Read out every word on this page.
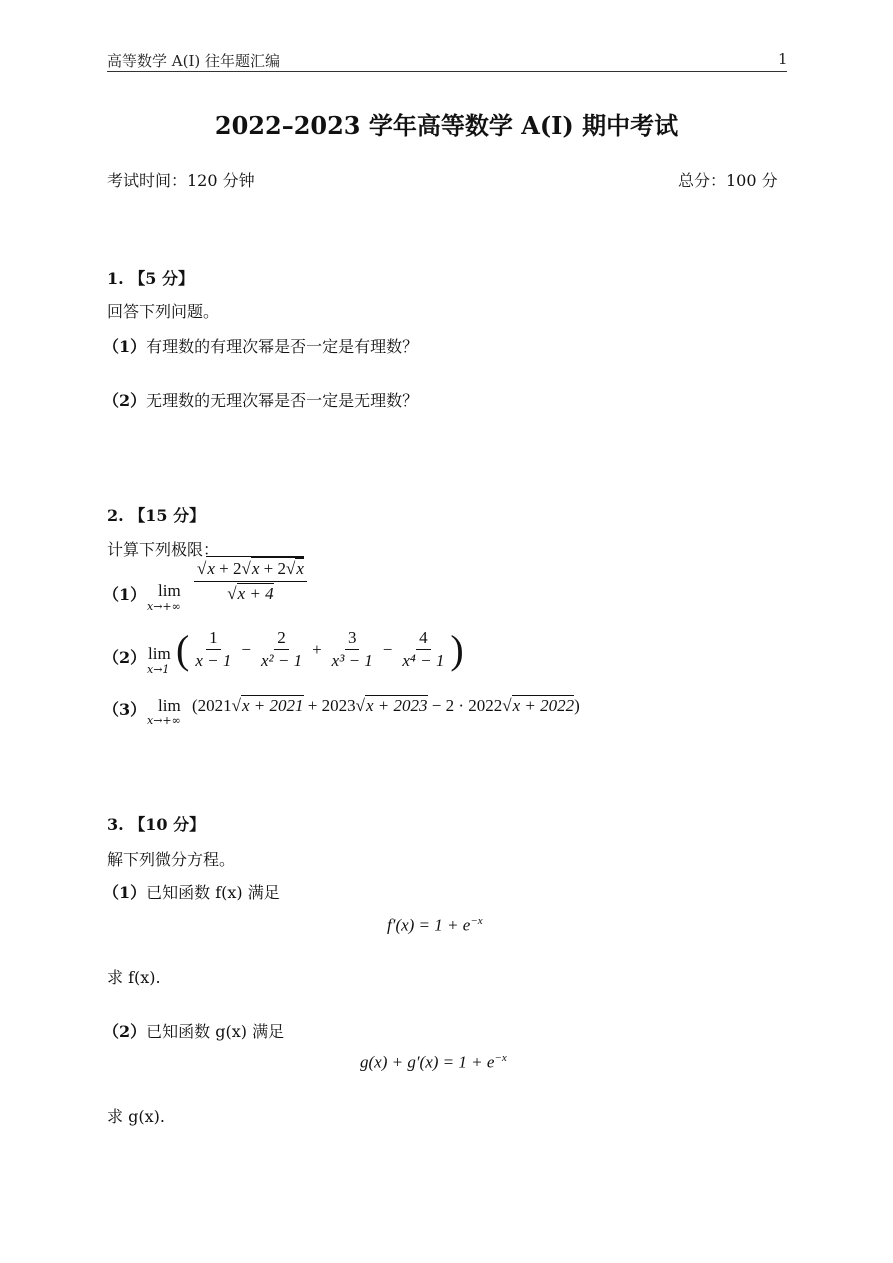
高等数学 A(I) 往年题汇编	1
2022–2023 学年高等数学 A(I) 期中考试
考试时间：120 分钟	总分：100 分
1. 【5 分】
回答下列问题。
（1）有理数的有理次幂是否一定是有理数？
（2）无理数的无理次幂是否一定是无理数？
2. 【15 分】
计算下列极限：
（1） lim
x→+∞
$\frac{√x + 2√x + 2√x}{√x + 4}$
（2） lim
x→1 ( $\frac{1}{x - 1} - \frac{2}{\text{x² − 1}} + \frac{3}{\text{x³ − 1}} - \frac{4}{\text{x⁴ − 1}}$ )
（3） lim
x→+∞
(2021√x + 2021 + 2023√x + 2023 − 2 · 2022√x + 2022)
3. 【10 分】
解下列微分方程。
（1）已知函数 f(x) 满足
$f'(x) = 1 + e^{-x}$
求 f(x).
（2）已知函数 g(x) 满足
$g(x) + g'(x) = 1 + e^{-x}$
求 g(x).
